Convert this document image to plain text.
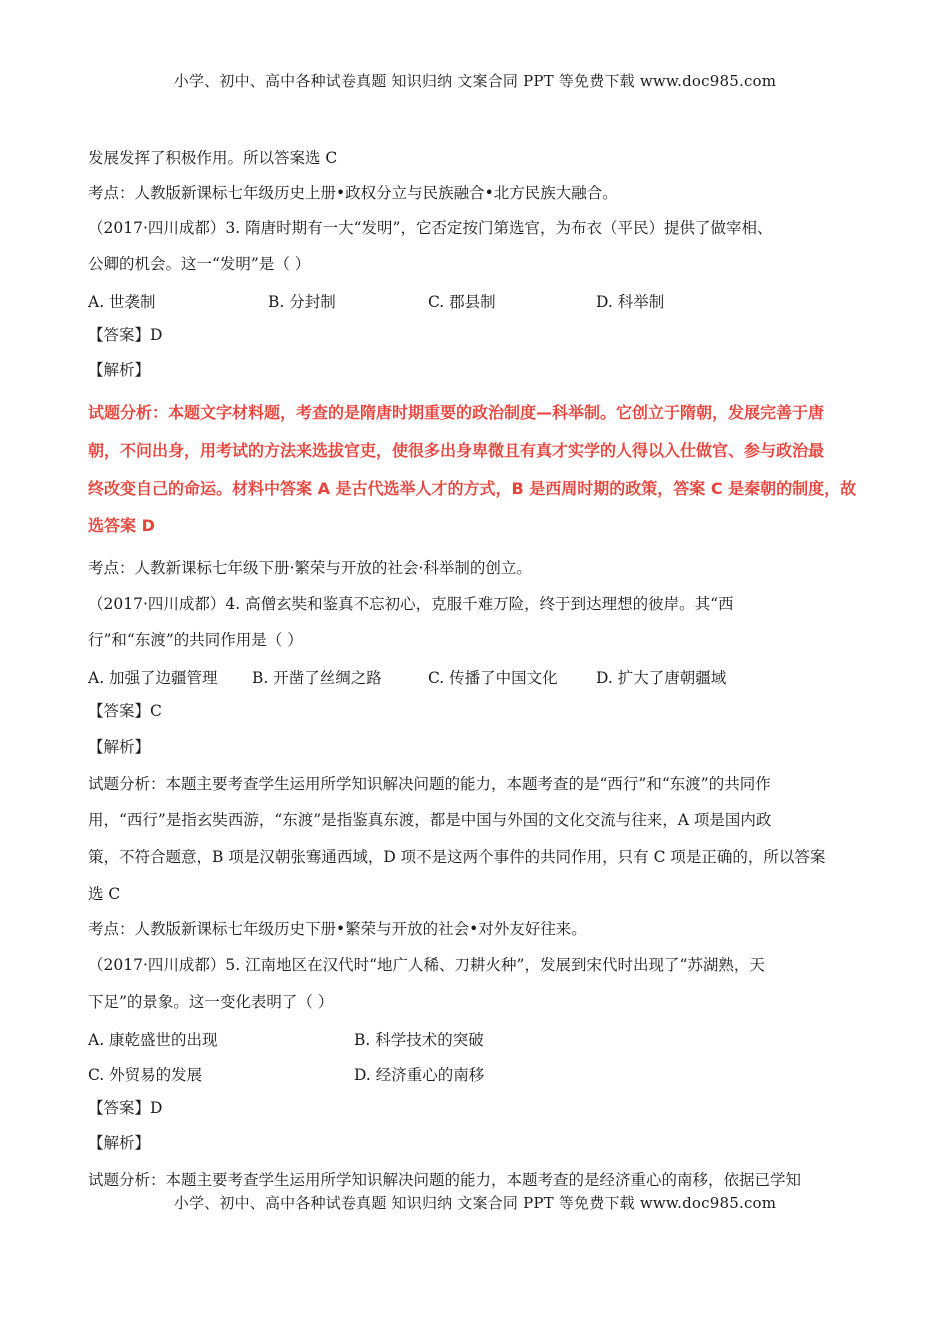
小学、初中、高中各种试卷真题 知识归纳 文案合同 PPT 等免费下载 www.doc985.com
发展发挥了积极作用。所以答案选 C
考点：人教版新课标七年级历史上册•政权分立与民族融合•北方民族大融合。
（2017·四川成都）3. 隋唐时期有一大“发明”，它否定按门第选官，为布衣（平民）提供了做宰相、
公卿的机会。这一“发明”是（ ）
A. 世袭制	B. 分封制	C. 郡县制	D. 科举制
【答案】D
【解析】
试题分析：本题文字材料题，考查的是隋唐时期重要的政治制度—科举制。它创立于隋朝，发展完善于唐
朝，不问出身，用考试的方法来选拔官吏，使很多出身卑微且有真才实学的人得以入仕做官、参与政治最
终改变自己的命运。材料中答案 A 是古代选举人才的方式，B 是西周时期的政策，答案 C 是秦朝的制度，故
选答案 D
考点：人教新课标七年级下册·繁荣与开放的社会·科举制的创立。
（2017·四川成都）4. 高僧玄奘和鉴真不忘初心，克服千难万险，终于到达理想的彼岸。其“西
行”和“东渡”的共同作用是（ ）
A. 加强了边疆管理 B. 开凿了丝绸之路	C. 传播了中国文化 D. 扩大了唐朝疆域
【答案】C
【解析】
试题分析：本题主要考查学生运用所学知识解决问题的能力，本题考查的是“西行”和“东渡”的共同作
用，“西行”是指玄奘西游，“东渡”是指鉴真东渡，都是中国与外国的文化交流与往来，A 项是国内政
策，不符合题意，B 项是汉朝张骞通西域，D 项不是这两个事件的共同作用，只有 C 项是正确的，所以答案
选 C
考点：人教版新课标七年级历史下册•繁荣与开放的社会•对外友好往来。
（2017·四川成都）5. 江南地区在汉代时“地广人稀、刀耕火种”，发展到宋代时出现了“苏湖熟，天
下足”的景象。这一变化表明了（ ）
A. 康乾盛世的出现	B. 科学技术的突破
C. 外贸易的发展	D. 经济重心的南移
【答案】D
【解析】
试题分析：本题主要考查学生运用所学知识解决问题的能力，本题考查的是经济重心的南移，依据已学知
小学、初中、高中各种试卷真题 知识归纳 文案合同 PPT 等免费下载 www.doc985.com
